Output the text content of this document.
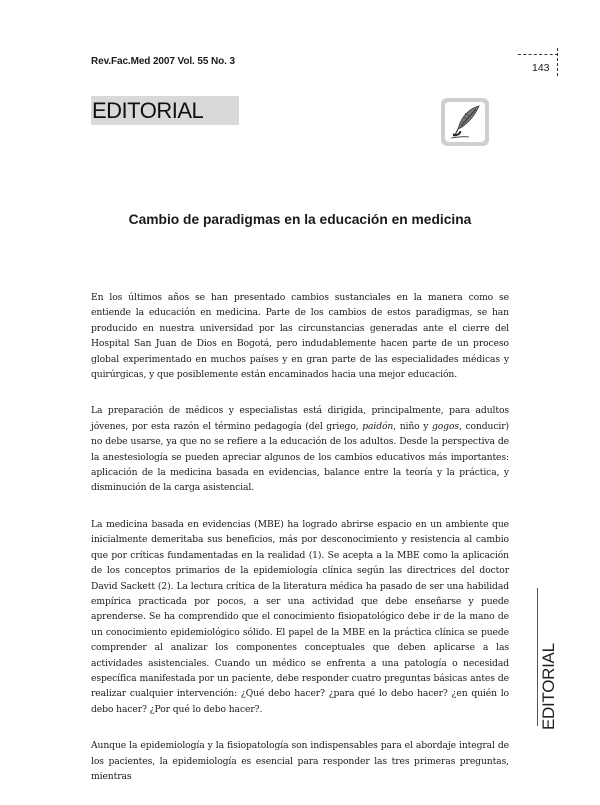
Rev.Fac.Med 2007 Vol. 55 No. 3
143
EDITORIAL
Cambio de paradigmas en la educación en medicina

En los últimos años se han presentado cambios sustanciales en la manera como se entiende la educación en medicina. Parte de los cambios de estos paradigmas, se han producido en nuestra universidad por las circunstancias generadas ante el cierre del Hospital San Juan de Dios en Bogotá, pero indudablemente hacen parte de un proceso global experimentado en muchos países y en gran parte de las especialidades médicas y quirúrgicas, y que posiblemente están encaminados hacia una mejor educación.

La preparación de médicos y especialistas está dirigida, principalmente, para adultos jóvenes, por esta razón el término pedagogía (del griego, paidón, niño y gogos, conducir) no debe usarse, ya que no se refiere a la educación de los adultos. Desde la perspectiva de la anestesiología se pueden apreciar algunos de los cambios educativos más importantes: aplicación de la medicina basada en evidencias, balance entre la teoría y la práctica, y disminución de la carga asistencial.

La medicina basada en evidencias (MBE) ha logrado abrirse espacio en un ambiente que inicialmente demeritaba sus beneficios, más por desconocimiento y resistencia al cambio que por críticas fundamentadas en la realidad (1). Se acepta a la MBE como la aplicación de los conceptos primarios de la epidemiología clínica según las directrices del doctor David Sackett (2). La lectura crítica de la literatura médica ha pasado de ser una habilidad empírica practicada por pocos, a ser una actividad que debe enseñarse y puede aprenderse. Se ha comprendido que el conocimiento fisiopatológico debe ir de la mano de un conocimiento epidemiológico sólido. El papel de la MBE en la práctica clínica se puede comprender al analizar los componentes conceptuales que deben aplicarse a las actividades asistenciales. Cuando un médico se enfrenta a una patología o necesidad específica manifestada por un paciente, debe responder cuatro preguntas básicas antes de realizar cualquier intervención: ¿Qué debo hacer? ¿para qué lo debo hacer? ¿en quién lo debo hacer? ¿Por qué lo debo hacer?.

Aunque la epidemiología y la fisiopatología son indispensables para el abordaje integral de los pacientes, la epidemiología es esencial para responder las tres primeras preguntas, mientras

EDITORIAL
